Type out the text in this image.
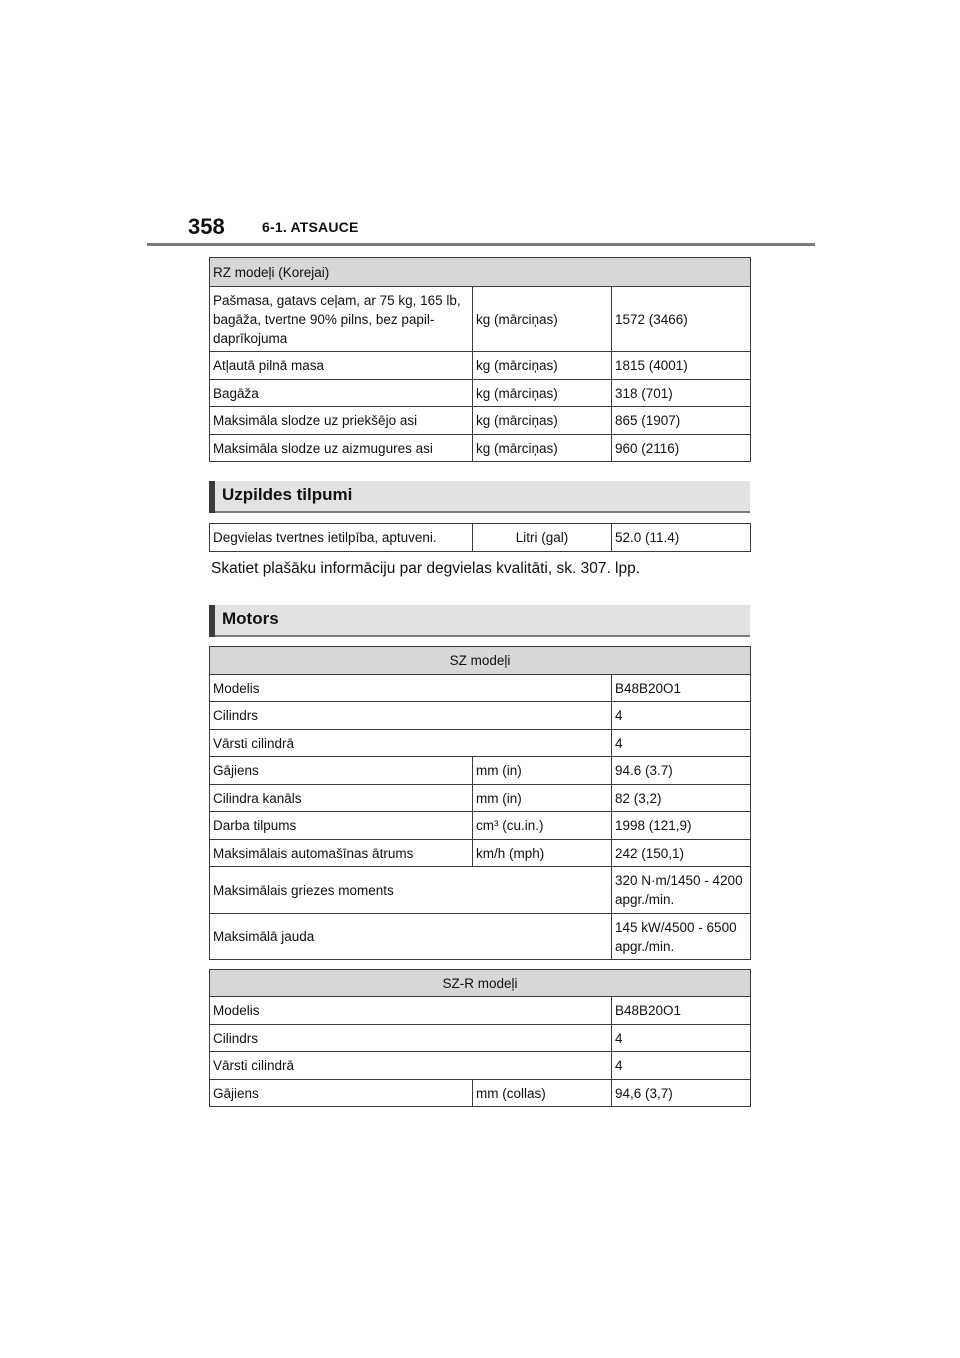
358	6-1. ATSAUCE
RZ modeļi (Korejai)		
Pašmasa, gatavs ceļam, ar 75 kg, 165 lb, bagāža, tvertne 90% pilns, bez papil-daprīkojuma	kg (mārciņas)	1572 (3466)
Atļautā pilnā masa	kg (mārciņas)	1815 (4001)
Bagāža	kg (mārciņas)	318 (701)
Maksimāla slodze uz priekšējo asi	kg (mārciņas)	865 (1907)
Maksimāla slodze uz aizmugures asi	kg (mārciņas)	960 (2116)
Uzpildes tilpumi
Degvielas tvertnes ietilpība, aptuveni.	Litri (gal)	52.0 (11.4)
Skatiet plašāku informāciju par degvielas kvalitāti, sk. 307. lpp.
Motors
SZ modeļi		
Modelis		B48B20O1
Cilindrs		4
Vārsti cilindrā		4
Gājiens	mm (in)	94.6 (3.7)
Cilindra kanāls	mm (in)	82 (3,2)
Darba tilpums	cm³ (cu.in.)	1998 (121,9)
Maksimālais automašīnas ātrums	km/h (mph)	242 (150,1)
Maksimālais griezes moments		320 N·m/1450 - 4200 apgr./min.
Maksimālā jauda		145 kW/4500 - 6500 apgr./min.
SZ-R modeļi		
Modelis		B48B20O1
Cilindrs		4
Vārsti cilindrā		4
Gājiens	mm (collas)	94,6 (3,7)
